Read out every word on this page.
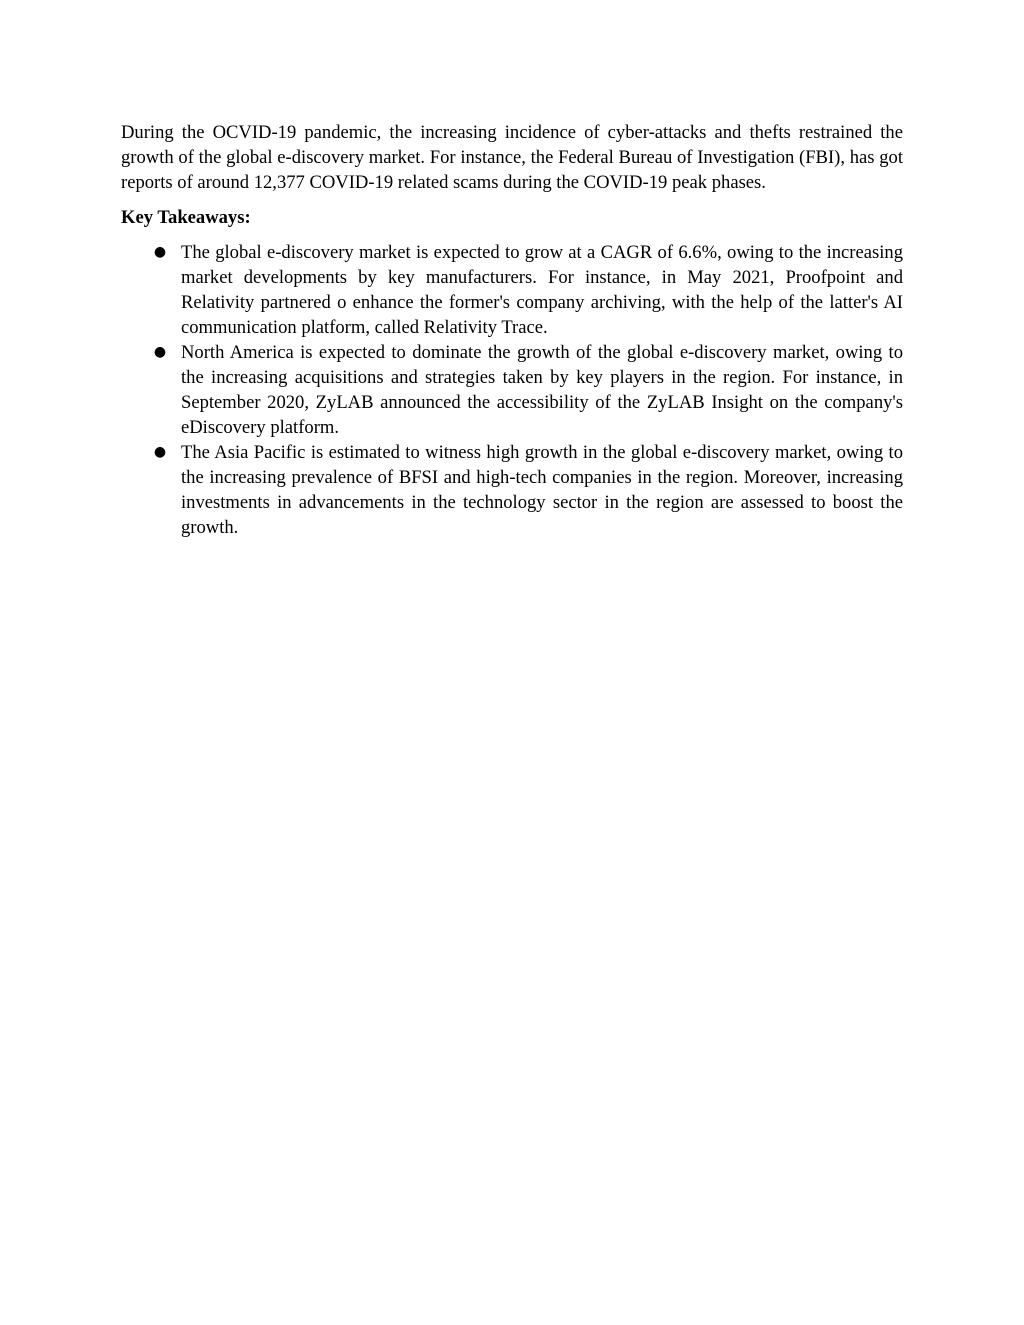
During the OCVID-19 pandemic, the increasing incidence of cyber-attacks and thefts restrained the growth of the global e-discovery market. For instance, the Federal Bureau of Investigation (FBI), has got reports of around 12,377 COVID-19 related scams during the COVID-19 peak phases.

Key Takeaways:

● The global e-discovery market is expected to grow at a CAGR of 6.6%, owing to the increasing market developments by key manufacturers. For instance, in May 2021, Proofpoint and Relativity partnered o enhance the former's company archiving, with the help of the latter's AI communication platform, called Relativity Trace.
● North America is expected to dominate the growth of the global e-discovery market, owing to the increasing acquisitions and strategies taken by key players in the region. For instance, in September 2020, ZyLAB announced the accessibility of the ZyLAB Insight on the company's eDiscovery platform.
● The Asia Pacific is estimated to witness high growth in the global e-discovery market, owing to the increasing prevalence of BFSI and high-tech companies in the region. Moreover, increasing investments in advancements in the technology sector in the region are assessed to boost the growth.
